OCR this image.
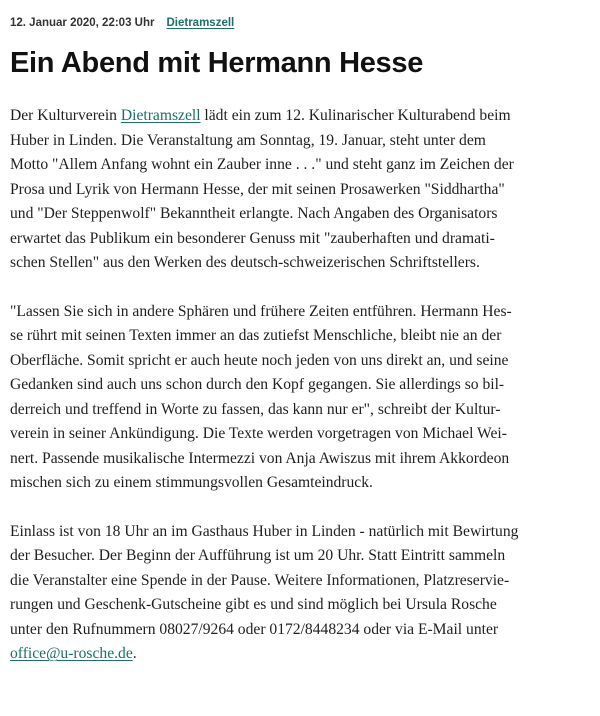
12. Januar 2020, 22:03 Uhr Dietramszell
Ein Abend mit Hermann Hesse

Der Kulturverein Dietramszell lädt ein zum 12. Kulinarischer Kulturabend beim
Huber in Linden. Die Veranstaltung am Sonntag, 19. Januar, steht unter dem
Motto "Allem Anfang wohnt ein Zauber inne . . ." und steht ganz im Zeichen der
Prosa und Lyrik von Hermann Hesse, der mit seinen Prosawerken "Siddhartha"
und "Der Steppenwolf" Bekanntheit erlangte. Nach Angaben des Organisators
erwartet das Publikum ein besonderer Genuss mit "zauberhaften und dramati-
schen Stellen" aus den Werken des deutsch-schweizerischen Schriftstellers.

"Lassen Sie sich in andere Sphären und frühere Zeiten entführen. Hermann Hes-
se rührt mit seinen Texten immer an das zutiefst Menschliche, bleibt nie an der
Oberfläche. Somit spricht er auch heute noch jeden von uns direkt an, und seine
Gedanken sind auch uns schon durch den Kopf gegangen. Sie allerdings so bil-
derreich und treffend in Worte zu fassen, das kann nur er", schreibt der Kultur-
verein in seiner Ankündigung. Die Texte werden vorgetragen von Michael Wei-
nert. Passende musikalische Intermezzi von Anja Awiszus mit ihrem Akkordeon
mischen sich zu einem stimmungsvollen Gesamteindruck.

Einlass ist von 18 Uhr an im Gasthaus Huber in Linden - natürlich mit Bewirtung
der Besucher. Der Beginn der Aufführung ist um 20 Uhr. Statt Eintritt sammeln
die Veranstalter eine Spende in der Pause. Weitere Informationen, Platzreservie-
rungen und Geschenk-Gutscheine gibt es und sind möglich bei Ursula Rosche
unter den Rufnummern 08027/9264 oder 0172/8448234 oder via E-Mail unter
office@u-rosche.de.
